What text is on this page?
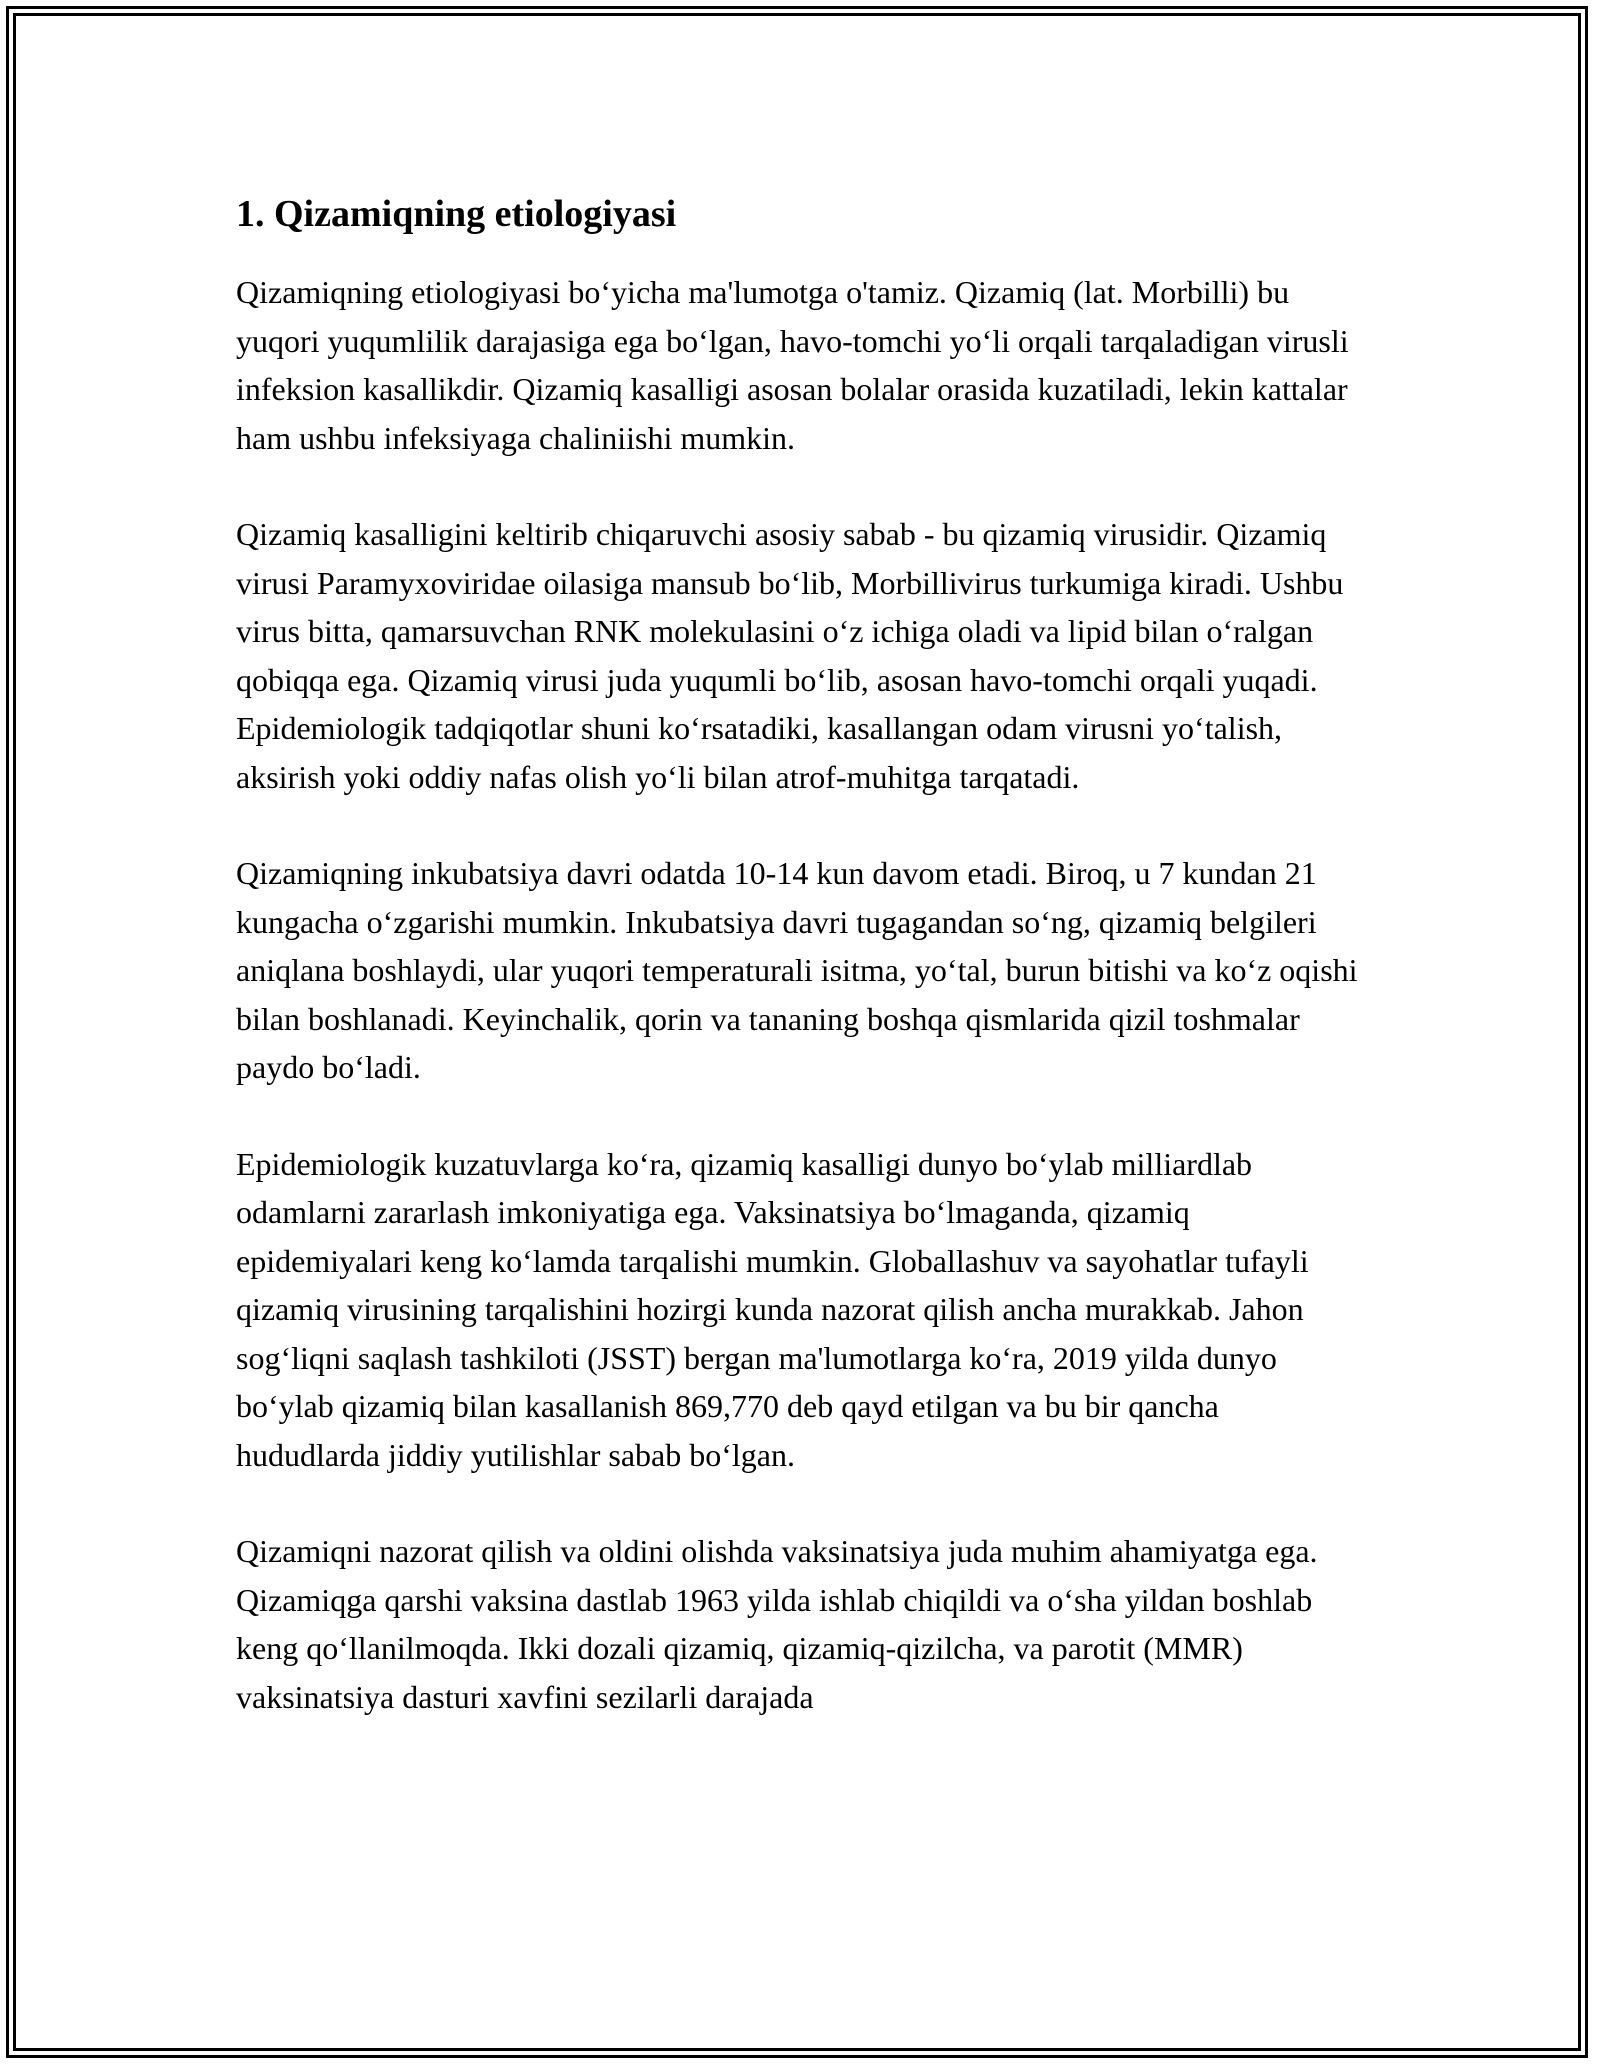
1. Qizamiqning etiologiyasi

Qizamiqning etiologiyasi bo‘yicha ma'lumotga o'tamiz. Qizamiq (lat. Morbilli) bu yuqori yuqumlilik darajasiga ega bo‘lgan, havo-tomchi yo‘li orqali tarqaladigan virusli infeksion kasallikdir. Qizamiq kasalligi asosan bolalar orasida kuzatiladi, lekin kattalar ham ushbu infeksiyaga chaliniishi mumkin.

Qizamiq kasalligini keltirib chiqaruvchi asosiy sabab - bu qizamiq virusidir. Qizamiq virusi Paramyxoviridae oilasiga mansub bo‘lib, Morbillivirus turkumiga kiradi. Ushbu virus bitta, qamarsuvchan RNK molekulasini o‘z ichiga oladi va lipid bilan o‘ralgan qobiqqa ega. Qizamiq virusi juda yuqumli bo‘lib, asosan havo-tomchi orqali yuqadi. Epidemiologik tadqiqotlar shuni ko‘rsatadiki, kasallangan odam virusni yo‘talish, aksirish yoki oddiy nafas olish yo‘li bilan atrof-muhitga tarqatadi.

Qizamiqning inkubatsiya davri odatda 10-14 kun davom etadi. Biroq, u 7 kundan 21 kungacha o‘zgarishi mumkin. Inkubatsiya davri tugagandan so‘ng, qizamiq belgileri aniqlana boshlaydi, ular yuqori temperaturali isitma, yo‘tal, burun bitishi va ko‘z oqishi bilan boshlanadi. Keyinchalik, qorin va tananing boshqa qismlarida qizil toshmalar paydo bo‘ladi.

Epidemiologik kuzatuvlarga ko‘ra, qizamiq kasalligi dunyo bo‘ylab milliardlab odamlarni zararlash imkoniyatiga ega. Vaksinatsiya bo‘lmaganda, qizamiq epidemiyalari keng ko‘lamda tarqalishi mumkin. Globallashuv va sayohatlar tufayli qizamiq virusining tarqalishini hozirgi kunda nazorat qilish ancha murakkab. Jahon sog‘liqni saqlash tashkiloti (JSST) bergan ma'lumotlarga ko‘ra, 2019 yilda dunyo bo‘ylab qizamiq bilan kasallanish 869,770 deb qayd etilgan va bu bir qancha hududlarda jiddiy yutilishlar sabab bo‘lgan.

Qizamiqni nazorat qilish va oldini olishda vaksinatsiya juda muhim ahamiyatga ega. Qizamiqga qarshi vaksina dastlab 1963 yilda ishlab chiqildi va o‘sha yildan boshlab keng qo‘llanilmoqda. Ikki dozali qizamiq, qizamiq-qizilcha, va parotit (MMR) vaksinatsiya dasturi xavfini sezilarli darajada
